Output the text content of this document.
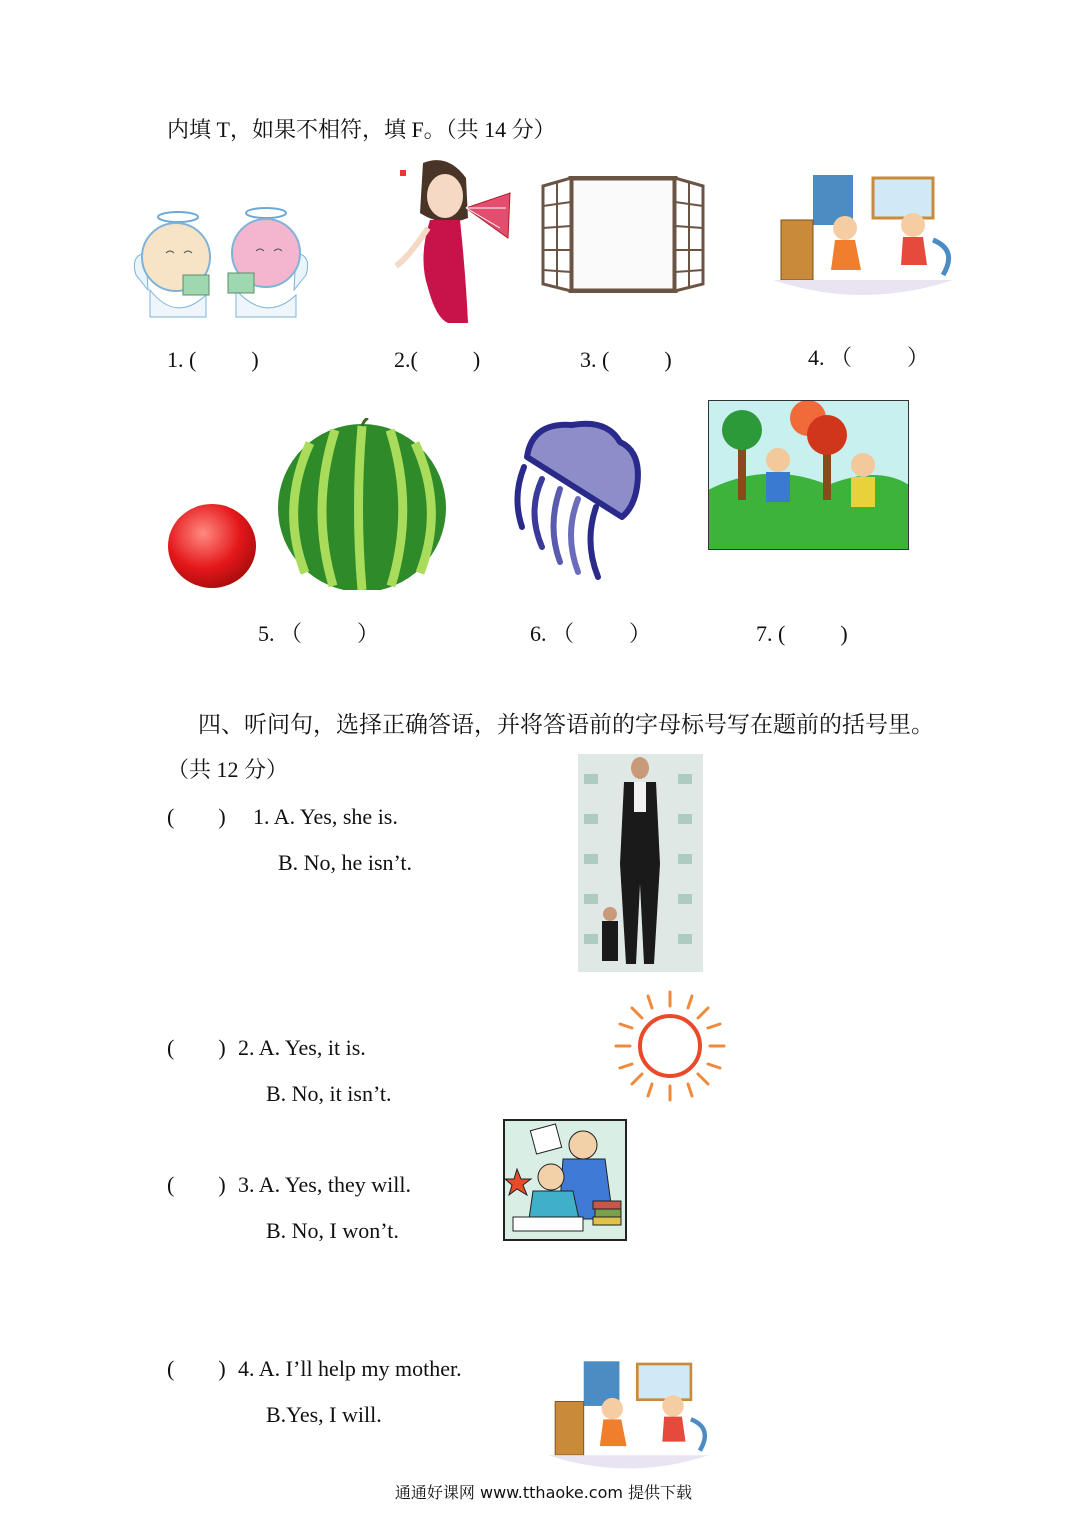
内填 T，如果不相符，填 F。（共 14 分）
1. (          )	2.(          )	3. (          )	4. （          ）
5. （          ）	6. （          ）	7. (          )
四、听问句，选择正确答语，并将答语前的字母标号写在题前的括号里。
（共 12 分）
(        ) 1. A. Yes, she is.
B. No, he isn’t.
(        ) 2. A. Yes, it is.
B. No, it isn’t.
(        ) 3. A. Yes, they will.
B. No, I won’t.
(        ) 4. A. I’ll help my mother.
B.Yes, I will.
通通好课网 www.tthaoke.com 提供下载
